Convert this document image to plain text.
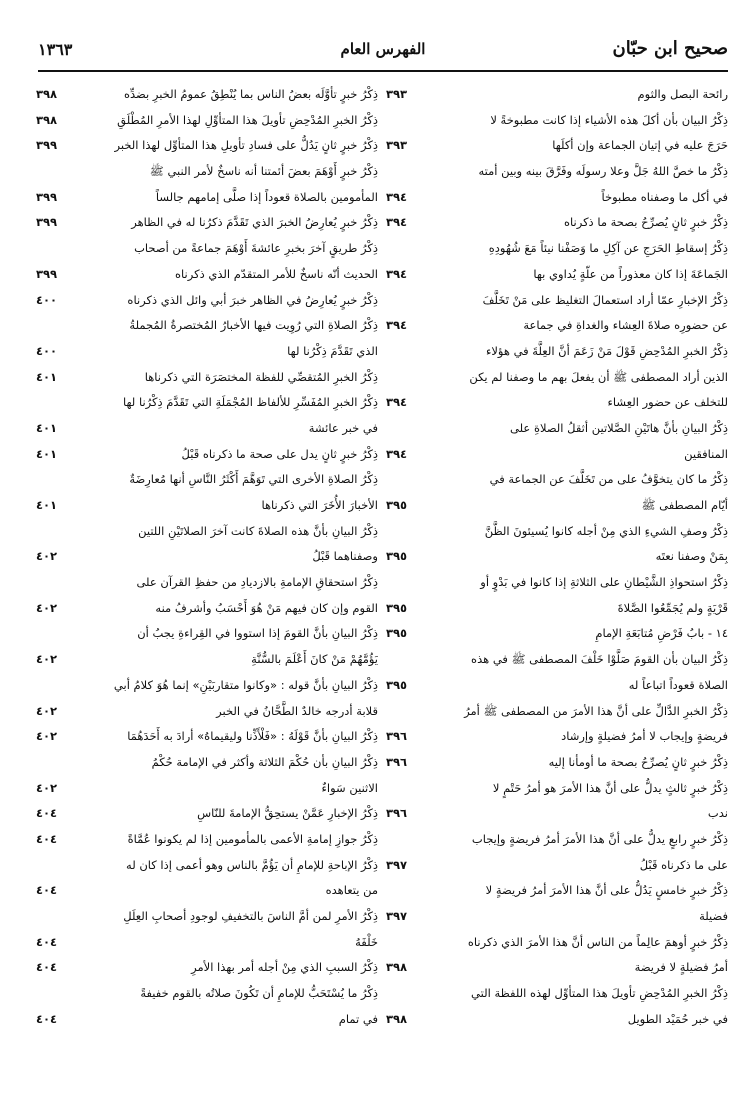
صحيح ابن حبّان
الفهرس العام
١٣٦٣
رائحة البصل والثوم
٣٩٣
ذِكْرُ البيان بأن أكلَ هذه الأشياء إذا كانت مطبوخةً لا
حَرَجَ عليه في إتيان الجماعة وإن أكلَها
٣٩٣
ذِكْرُ ما خصَّ اللهُ جَلَّ وعلا رسولَه وفَرَّقَ بينه وبين أمته
في أكل ما وصفناه مطبوخاً
٣٩٤
ذِكْرُ خبرٍ ثانٍ يُصرِّحُ بصحة ما ذكرناه
٣٩٤
ذِكْرُ إسقاطِ الحَرَجِ عن آكِلِ ما وَصَفْنا نيئاً مَعَ شُهُودِهِ
الجَماعَةَ إذا كان معذوراً من علّةٍ يُداوي بها
٣٩٤
ذِكْرُ الإخبارِ عمّا أراد استعمالَ التغليظ على مَنْ تَخَلَّفَ
عن حضورِه صلاةَ العِشاء والغداةِ في جماعة
٣٩٤
ذِكْرُ الخبرِ المُدْحِضِ قَوْلَ مَنْ زَعَمَ أنَّ العِلَّةَ في هؤلاء
الذين أراد المصطفى ﷺ أن يفعلَ بهم ما وصفنا لم يكن
للتخلف عن حضور العِشاء
٣٩٤
ذِكْرُ البيانِ بأنَّ هاتَيْنِ الصَّلاتين أثقلُ الصلاةِ على
المنافقين
٣٩٤
ذِكْرُ ما كان يتخوَّفُ على من تَخَلَّفَ عن الجماعة في
أيّام المصطفى ﷺ
٣٩٥
ذِكْرُ وصفِ الشيءِ الذي مِنْ أجله كانوا يُسيئونَ الظَّنَّ
بِمَنْ وصفنا نعتَه
٣٩٥
ذِكْرُ استحواذِ الشَّيْطانِ على الثلاثةِ إذا كانوا في بَدْوٍ أو
قَرْيَةٍ ولم يُجَمِّعُوا الصَّلاةَ
٣٩٥
١٤ - بابُ فَرْضِ مُتابَعَةِ الإمامِ
٣٩٥
ذِكْرُ البيان بأن القومَ صَلَّوْا خَلْفَ المصطفى ﷺ في هذه
الصلاة قعوداً اتباعاً له
٣٩٥
ذِكْرُ الخبرِ الدَّالِّ على أنَّ هذا الأمرَ من المصطفى ﷺ أمرُ
فريضةٍ وإيجاب لا أمرُ فضيلةٍ وإرشاد
٣٩٦
ذِكْرُ خبرٍ ثانٍ يُصرِّحُ بصحة ما أومأنا إليه
٣٩٦
ذِكْرُ خبرٍ ثالثٍ يدلُّ على أنَّ هذا الأمرَ هو أمرُ حَتْمٍ لا
ندب
٣٩٦
ذِكْرُ خبرٍ رابعٍ يدلُّ على أنَّ هذا الأمرَ أمرُ فريضةٍ وإيجاب
على ما ذكرناه قَبْلُ
٣٩٧
ذِكْرُ خبرٍ خامسٍ يَدُلُّ على أنَّ هذا الأمرَ أمرُ فريضةٍ لا
فضيلة
٣٩٧
ذِكْرُ خبرٍ أوهمَ عالِماً من الناس أنَّ هذا الأمرَ الذي ذكرناه
أمرُ فضيلةٍ لا فريضة
٣٩٨
ذِكْرُ الخبرِ المُدْحِضِ تأويلَ هذا المتأوِّل لهذه اللفظة التي
في خبر حُمَيْد الطويل
٣٩٨
ذِكْرُ خبرٍ تأوَّلَه بعضُ الناس بما يُنْطِقُ عمومُ الخبرِ بضدِّه
٣٩٨
ذِكْرُ الخبرِ المُدْحِضِ تأويلَ هذا المتأوِّلِ لهذا الأمرِ المُطْلَقِ
٣٩٨
ذِكْرُ خبرٍ ثانٍ يَدُلُّ على فسادِ تأويلِ هذا المتأوِّل لهذا الخبر
٣٩٩
ذِكْرُ خبرٍ أَوْهَمَ بعضَ أئمتنا أنه ناسخٌ لأمر النبي ﷺ
المأمومين بالصلاة قعوداً إذا صلَّى إمامهم جالساً
٣٩٩
ذِكْرُ خبرٍ يُعارِضُ الخبرَ الذي تَقَدَّمَ ذكرُنا له في الظاهر
٣٩٩
ذِكْرُ طريقٍ آخرَ بخبرِ عائشةَ أَوْهَمَ جماعةً من أصحاب
الحديث أنّه ناسخٌ للأمر المتقدّم الذي ذكرناه
٣٩٩
ذِكْرُ خبرٍ يُعارِضُ في الظاهر خبرَ أبي وائل الذي ذكرناه
٤٠٠
ذِكْرُ الصلاةِ التي رُوِيت فيها الأخبارُ المُختصرةُ المُجملةُ
الذي تَقَدَّمَ ذِكْرُنا لها
٤٠٠
ذِكْرُ الخبرِ المُتقصِّي للفظة المختصَرَة التي ذكرناها
٤٠١
ذِكْرُ الخبرِ المُفَسِّرِ للألفاظ المُجْمَلَةِ التي تَقَدَّمَ ذِكْرُنا لها
في خبر عائشة
٤٠١
ذِكْرُ خبرٍ ثانٍ يدل على صحة ما ذكرناه قَبْلُ
٤٠١
ذِكْرُ الصلاةِ الأخرى التي تَوَهَّمَ أَكْثَرُ النَّاسِ أنها مُعارِضَةٌ
الأخبارَ الأُخَرَ التي ذكرناها
٤٠١
ذِكْرُ البيانِ بأنَّ هذه الصلاةَ كانت آخرَ الصلاتَيْنِ اللتين
وصفناهما قَبْلُ
٤٠٢
ذِكْرُ استحقاقِ الإمامةِ بالازديادِ من حفظِ القرآن على
القوم وإن كان فيهم مَنْ هُوَ أَحْسَبُ وأشرفُ منه
٤٠٢
ذِكْرُ البيانِ بأنَّ القومَ إذا استووا في القِراءةِ يجبُ أن
يَؤُمَّهُمْ مَنْ كانَ أَعْلَمَ بالسُّنَّةِ
٤٠٢
ذِكْرُ البيانِ بأنَّ قوله : «وكانوا متقاربَيْنِ» إنما هُوَ كلامُ أبي
قلابة أدرجه خالدٌ الطَّحَّانُ في الخبر
٤٠٢
ذِكْرُ البيانِ بأنَّ قَوْلَهُ : «فَلْأَذِّنا وليقيماهُ» أرادَ به أَحَدَهُمَا
٤٠٢
ذِكْرُ البيانِ بأن حُكْمَ الثلاثة وأكثر في الإمامة حُكْمُ
الاثنين سَواءٌ
٤٠٢
ذِكْرُ الإخبارِ عَمَّنْ يستحِقُّ الإمامةَ للنّاسِ
٤٠٤
ذِكْرُ جوازِ إمامةِ الأعمى بالمأمومين إذا لم يكونوا عُمَّاةً
٤٠٤
ذِكْرُ الإباحةِ للإمامِ أن يَؤُمَّ بالناس وهو أعمى إذا كان له
من يتعاهده
٤٠٤
ذِكْرُ الأمرِ لمن أمَّ الناسَ بالتخفيفِ لوجودِ أصحابِ العِلَلِ
خَلْفَهُ
٤٠٤
ذِكْرُ السببِ الذي مِنْ أجله أمر بهذا الأمرِ
٤٠٤
ذِكْرُ ما يُسْتَحَبُّ للإمامِ أن تَكُونَ صلاتُه بالقوم خفيفةً
في تمام
٤٠٤
